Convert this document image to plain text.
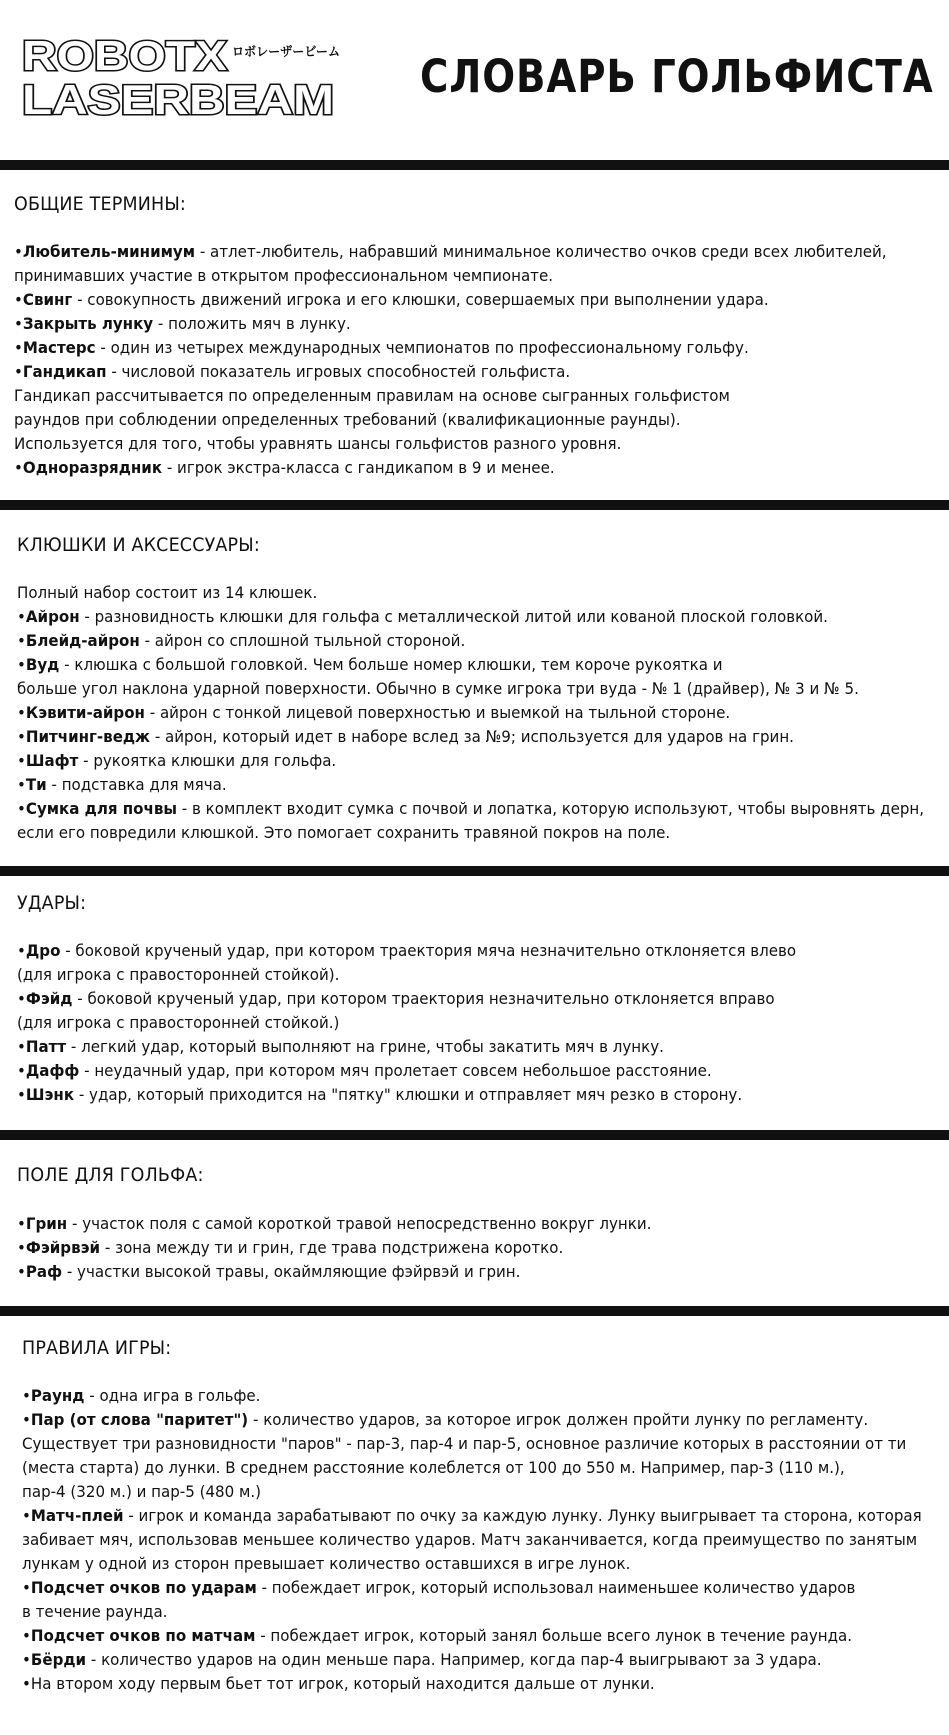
ROBOTX ロボレーザービーム
LASERBEAM СЛОВАРЬ ГОЛЬФИСТА
ОБЩИЕ ТЕРМИНЫ:
•Любитель-минимум - атлет-любитель, набравший минимальное количество очков среди всех любителей,
принимавших участие в открытом профессиональном чемпионате.
•Свинг - совокупность движений игрока и его клюшки, совершаемых при выполнении удара.
•Закрыть лунку - положить мяч в лунку.
•Мастерс - один из четырех международных чемпионатов по профессиональному гольфу.
•Гандикап - числовой показатель игровых способностей гольфиста.
Гандикап рассчитывается по определенным правилам на основе сыгранных гольфистом
раундов при соблюдении определенных требований (квалификационные раунды).
Используется для того, чтобы уравнять шансы гольфистов разного уровня.
•Одноразрядник - игрок экстра-класса с гандикапом в 9 и менее.
КЛЮШКИ И АКСЕССУАРЫ:
Полный набор состоит из 14 клюшек.
•Айрон - разновидность клюшки для гольфа с металлической литой или кованой плоской головкой.
•Блейд-айрон - айрон со сплошной тыльной стороной.
•Вуд - клюшка с большой головкой. Чем больше номер клюшки, тем короче рукоятка и
больше угол наклона ударной поверхности. Обычно в сумке игрока три вуда - № 1 (драйвер), № 3 и № 5.
•Кэвити-айрон - айрон с тонкой лицевой поверхностью и выемкой на тыльной стороне.
•Питчинг-ведж - айрон, который идет в наборе вслед за №9; используется для ударов на грин.
•Шафт - рукоятка клюшки для гольфа.
•Ти - подставка для мяча.
•Сумка для почвы - в комплект входит сумка с почвой и лопатка, которую используют, чтобы выровнять дерн,
если его повредили клюшкой. Это помогает сохранить травяной покров на поле.
УДАРЫ:
•Дро - боковой крученый удар, при котором траектория мяча незначительно отклоняется влево
(для игрока с правосторонней стойкой).
•Фэйд - боковой крученый удар, при котором траектория незначительно отклоняется вправо
(для игрока с правосторонней стойкой.)
•Патт - легкий удар, который выполняют на грине, чтобы закатить мяч в лунку.
•Дафф - неудачный удар, при котором мяч пролетает совсем небольшое расстояние.
•Шэнк - удар, который приходится на "пятку" клюшки и отправляет мяч резко в сторону.
ПОЛЕ ДЛЯ ГОЛЬФА:
•Грин - участок поля с самой короткой травой непосредственно вокруг лунки.
•Фэйрвэй - зона между ти и грин, где трава подстрижена коротко.
•Раф - участки высокой травы, окаймляющие фэйрвэй и грин.
ПРАВИЛА ИГРЫ:
•Раунд - одна игра в гольфе.
•Пар (от слова "паритет") - количество ударов, за которое игрок должен пройти лунку по регламенту.
Существует три разновидности "паров" - пар-3, пар-4 и пар-5, основное различие которых в расстоянии от ти
(места старта) до лунки. В среднем расстояние колеблется от 100 до 550 м. Например, пар-3 (110 м.),
пар-4 (320 м.) и пар-5 (480 м.)
•Матч-плей - игрок и команда зарабатывают по очку за каждую лунку. Лунку выигрывает та сторона, которая
забивает мяч, использовав меньшее количество ударов. Матч заканчивается, когда преимущество по занятым
лункам у одной из сторон превышает количество оставшихся в игре лунок.
•Подсчет очков по ударам - побеждает игрок, который использовал наименьшее количество ударов
в течение раунда.
•Подсчет очков по матчам - побеждает игрок, который занял больше всего лунок в течение раунда.
•Бёрди - количество ударов на один меньше пара. Например, когда пар-4 выигрывают за 3 удара.
•На втором ходу первым бьет тот игрок, который находится дальше от лунки.
